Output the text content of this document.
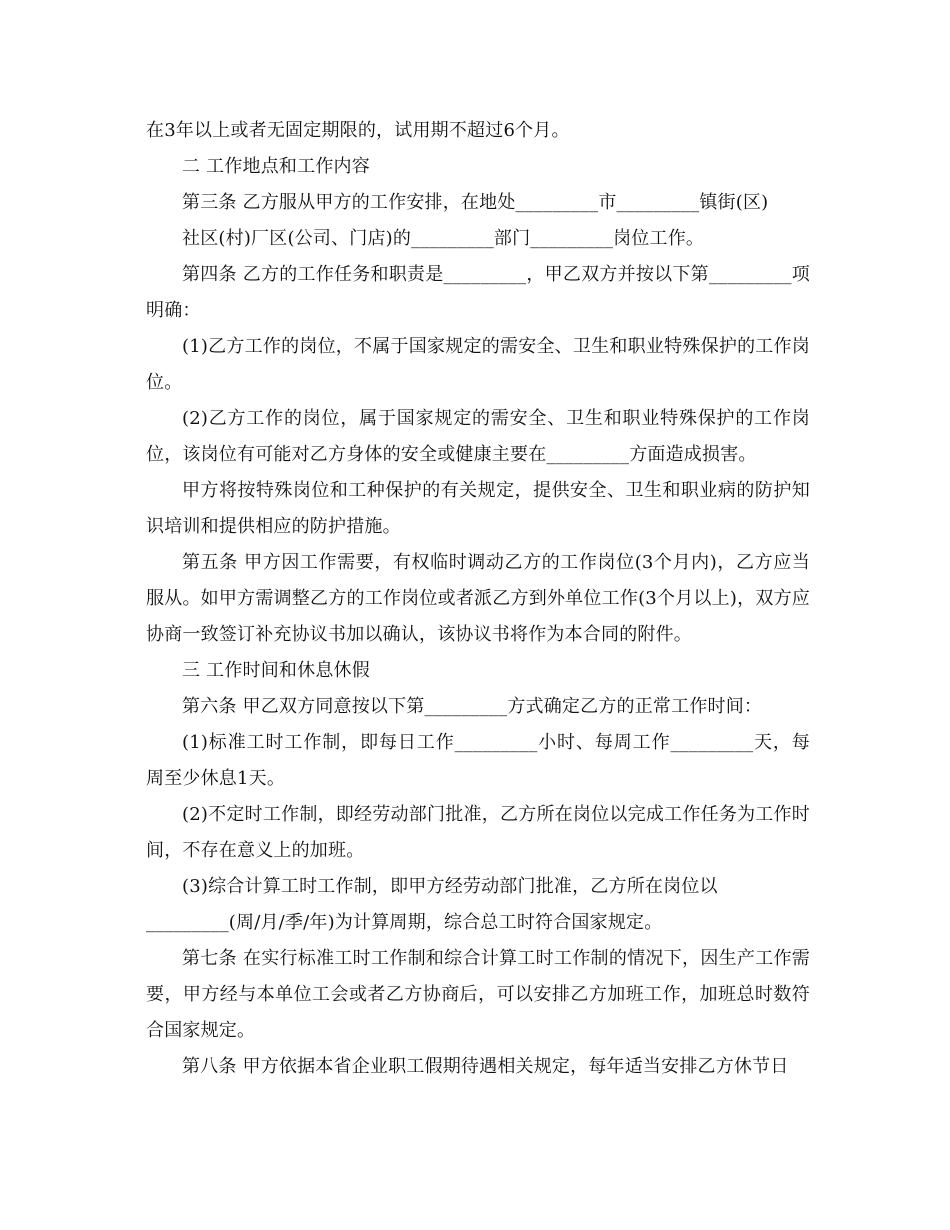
在3年以上或者无固定期限的，试用期不超过6个月。

二 工作地点和工作内容

第三条 乙方服从甲方的工作安排，在地处_________市_________镇街(区)

社区(村)厂区(公司、门店)的_________部门_________岗位工作。

第四条 乙方的工作任务和职责是_________，甲乙双方并按以下第_________项明确：

(1)乙方工作的岗位，不属于国家规定的需安全、卫生和职业特殊保护的工作岗位。

(2)乙方工作的岗位，属于国家规定的需安全、卫生和职业特殊保护的工作岗位，该岗位有可能对乙方身体的安全或健康主要在_________方面造成损害。

甲方将按特殊岗位和工种保护的有关规定，提供安全、卫生和职业病的防护知识培训和提供相应的防护措施。

第五条 甲方因工作需要，有权临时调动乙方的工作岗位(3个月内)，乙方应当服从。如甲方需调整乙方的工作岗位或者派乙方到外单位工作(3个月以上)，双方应协商一致签订补充协议书加以确认，该协议书将作为本合同的附件。

三 工作时间和休息休假

第六条 甲乙双方同意按以下第_________方式确定乙方的正常工作时间：

(1)标准工时工作制，即每日工作_________小时、每周工作_________天，每周至少休息1天。

(2)不定时工作制，即经劳动部门批准，乙方所在岗位以完成工作任务为工作时间，不存在意义上的加班。

(3)综合计算工时工作制，即甲方经劳动部门批准，乙方所在岗位以
_________(周/月/季/年)为计算周期，综合总工时符合国家规定。

第七条 在实行标准工时工作制和综合计算工时工作制的情况下，因生产工作需要，甲方经与本单位工会或者乙方协商后，可以安排乙方加班工作，加班总时数符合国家规定。

第八条 甲方依据本省企业职工假期待遇相关规定，每年适当安排乙方休节日
